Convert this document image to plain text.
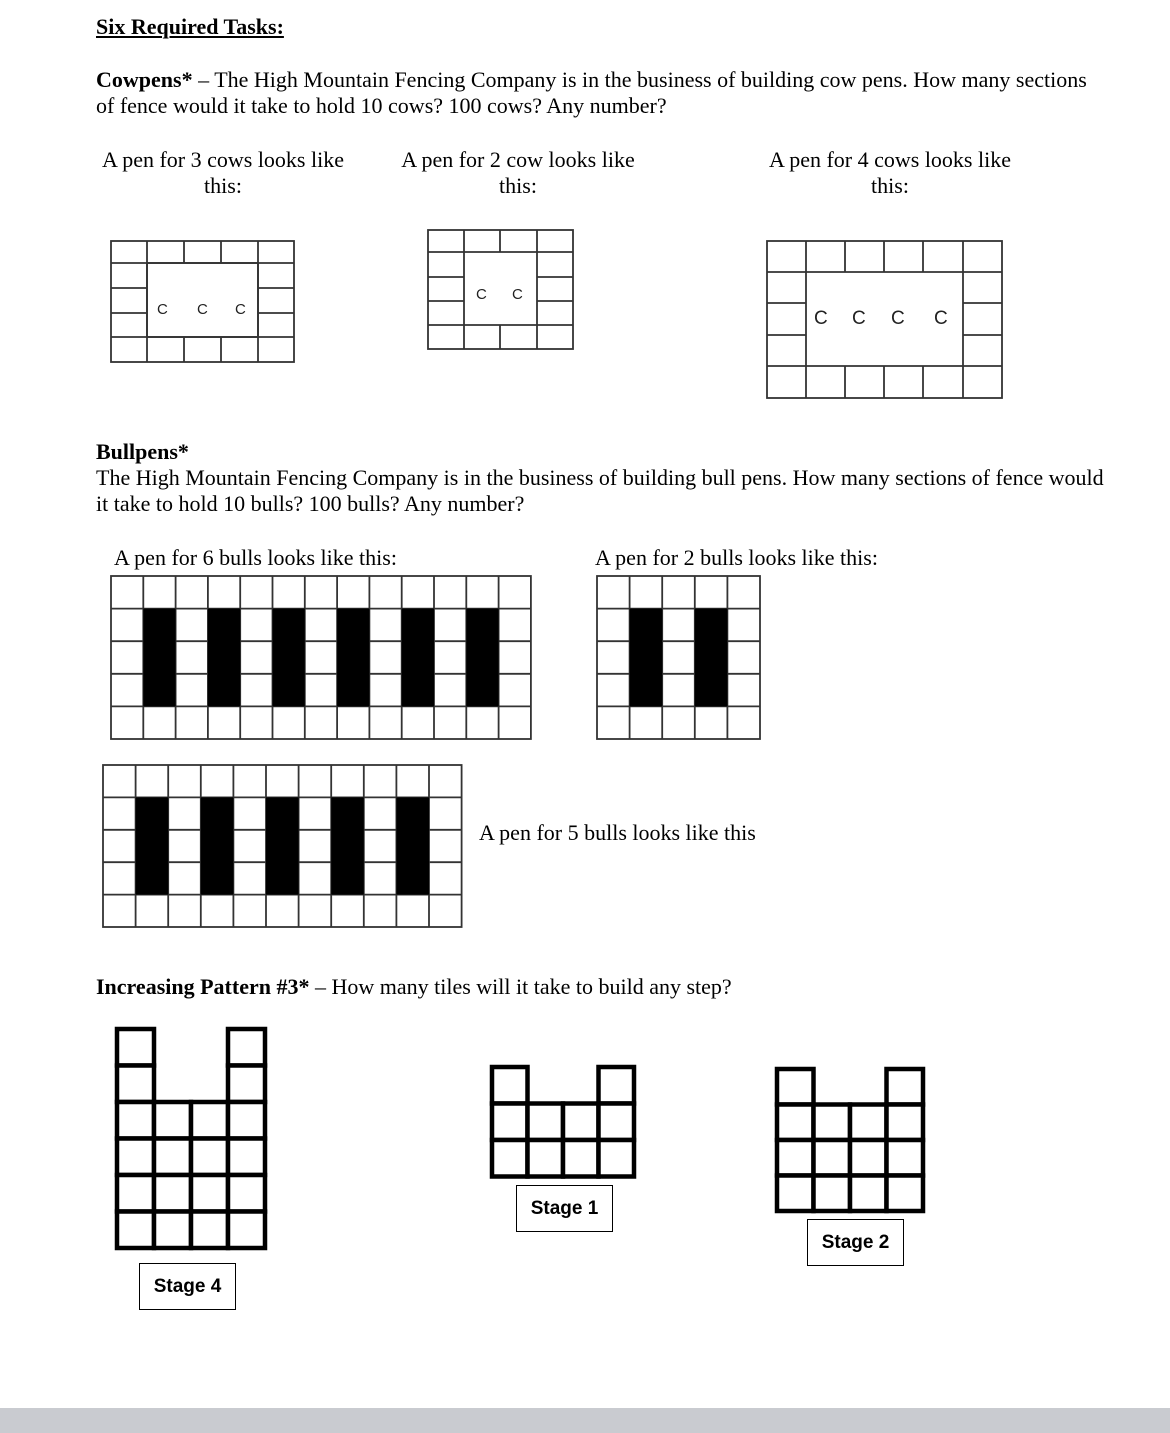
Six Required Tasks:
Cowpens* – The High Mountain Fencing Company is in the business of building cow pens. How many sections of fence would it take to hold 10 cows? 100 cows? Any number?
A pen for 3 cows looks like
this:
A pen for 2 cow looks like
this:
A pen for 4 cows looks like
this:
C C C
C C
C C C C
Bullpens*
The High Mountain Fencing Company is in the business of building bull pens. How many sections of fence would it take to hold 10 bulls? 100 bulls? Any number?
A pen for 6 bulls looks like this:	A pen for 2 bulls looks like this:
A pen for 5 bulls looks like this
Increasing Pattern #3* – How many tiles will it take to build any step?
Stage 4
Stage 1
Stage 2
